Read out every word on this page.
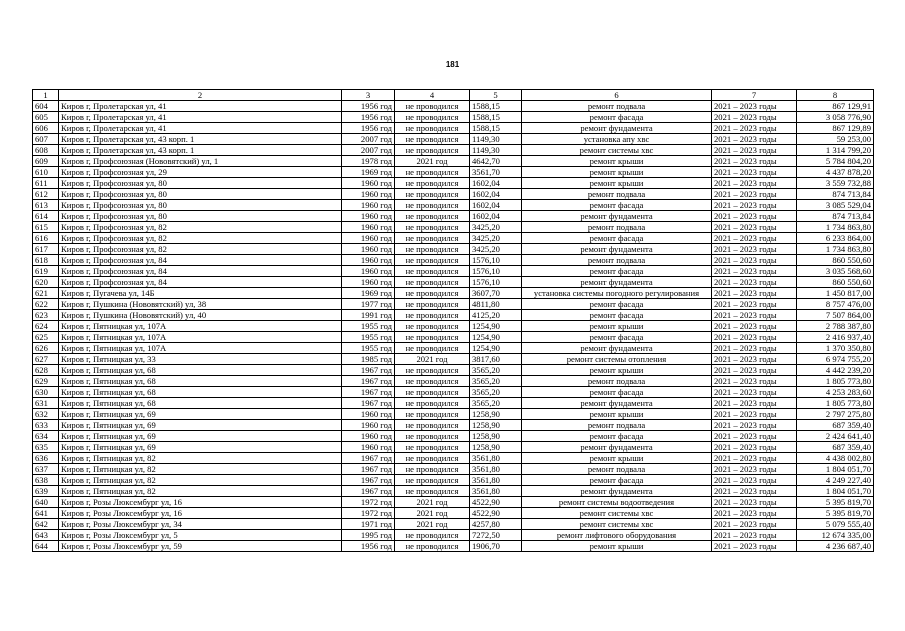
181
1	2	3	4	5	6	7	8
604	Киров г, Пролетарская ул, 41	1956 год	не проводился	1588,15	ремонт подвала	2021 – 2023 годы	867 129,91
605	Киров г, Пролетарская ул, 41	1956 год	не проводился	1588,15	ремонт фасада	2021 – 2023 годы	3 058 776,90
606	Киров г, Пролетарская ул, 41	1956 год	не проводился	1588,15	ремонт фундамента	2021 – 2023 годы	867 129,89
607	Киров г, Пролетарская ул, 43 корп. 1	2007 год	не проводился	1149,30	установка апу хвс	2021 – 2023 годы	59 253,00
608	Киров г, Пролетарская ул, 43 корп. 1	2007 год	не проводился	1149,30	ремонт системы хвс	2021 – 2023 годы	1 314 799,20
609	Киров г, Профсоюзная (Нововятский) ул, 1	1978 год	2021 год	4642,70	ремонт крыши	2021 – 2023 годы	5 784 804,20
610	Киров г, Профсоюзная ул, 29	1969 год	не проводился	3561,70	ремонт крыши	2021 – 2023 годы	4 437 878,20
611	Киров г, Профсоюзная ул, 80	1960 год	не проводился	1602,04	ремонт крыши	2021 – 2023 годы	3 559 732,88
612	Киров г, Профсоюзная ул, 80	1960 год	не проводился	1602,04	ремонт подвала	2021 – 2023 годы	874 713,84
613	Киров г, Профсоюзная ул, 80	1960 год	не проводился	1602,04	ремонт фасада	2021 – 2023 годы	3 085 529,04
614	Киров г, Профсоюзная ул, 80	1960 год	не проводился	1602,04	ремонт фундамента	2021 – 2023 годы	874 713,84
615	Киров г, Профсоюзная ул, 82	1960 год	не проводился	3425,20	ремонт подвала	2021 – 2023 годы	1 734 863,80
616	Киров г, Профсоюзная ул, 82	1960 год	не проводился	3425,20	ремонт фасада	2021 – 2023 годы	6 233 864,00
617	Киров г, Профсоюзная ул, 82	1960 год	не проводился	3425,20	ремонт фундамента	2021 – 2023 годы	1 734 863,80
618	Киров г, Профсоюзная ул, 84	1960 год	не проводился	1576,10	ремонт подвала	2021 – 2023 годы	860 550,60
619	Киров г, Профсоюзная ул, 84	1960 год	не проводился	1576,10	ремонт фасада	2021 – 2023 годы	3 035 568,60
620	Киров г, Профсоюзная ул, 84	1960 год	не проводился	1576,10	ремонт фундамента	2021 – 2023 годы	860 550,60
621	Киров г, Пугачева ул, 14Б	1969 год	не проводился	3607,70	установка системы погодного регулирования	2021 – 2023 годы	1 450 817,00
622	Киров г, Пушкина (Нововятский) ул, 38	1977 год	не проводился	4811,80	ремонт фасада	2021 – 2023 годы	8 757 476,00
623	Киров г, Пушкина (Нововятский) ул, 40	1991 год	не проводился	4125,20	ремонт фасада	2021 – 2023 годы	7 507 864,00
624	Киров г, Пятницкая ул, 107А	1955 год	не проводился	1254,90	ремонт крыши	2021 – 2023 годы	2 788 387,80
625	Киров г, Пятницкая ул, 107А	1955 год	не проводился	1254,90	ремонт фасада	2021 – 2023 годы	2 416 937,40
626	Киров г, Пятницкая ул, 107А	1955 год	не проводился	1254,90	ремонт фундамента	2021 – 2023 годы	1 370 350,80
627	Киров г, Пятницкая ул, 33	1985 год	2021 год	3817,60	ремонт системы отопления	2021 – 2023 годы	6 974 755,20
628	Киров г, Пятницкая ул, 68	1967 год	не проводился	3565,20	ремонт крыши	2021 – 2023 годы	4 442 239,20
629	Киров г, Пятницкая ул, 68	1967 год	не проводился	3565,20	ремонт подвала	2021 – 2023 годы	1 805 773,80
630	Киров г, Пятницкая ул, 68	1967 год	не проводился	3565,20	ремонт фасада	2021 – 2023 годы	4 253 283,60
631	Киров г, Пятницкая ул, 68	1967 год	не проводился	3565,20	ремонт фундамента	2021 – 2023 годы	1 805 773,80
632	Киров г, Пятницкая ул, 69	1960 год	не проводился	1258,90	ремонт крыши	2021 – 2023 годы	2 797 275,80
633	Киров г, Пятницкая ул, 69	1960 год	не проводился	1258,90	ремонт подвала	2021 – 2023 годы	687 359,40
634	Киров г, Пятницкая ул, 69	1960 год	не проводился	1258,90	ремонт фасада	2021 – 2023 годы	2 424 641,40
635	Киров г, Пятницкая ул, 69	1960 год	не проводился	1258,90	ремонт фундамента	2021 – 2023 годы	687 359,40
636	Киров г, Пятницкая ул, 82	1967 год	не проводился	3561,80	ремонт крыши	2021 – 2023 годы	4 438 002,80
637	Киров г, Пятницкая ул, 82	1967 год	не проводился	3561,80	ремонт подвала	2021 – 2023 годы	1 804 051,70
638	Киров г, Пятницкая ул, 82	1967 год	не проводился	3561,80	ремонт фасада	2021 – 2023 годы	4 249 227,40
639	Киров г, Пятницкая ул, 82	1967 год	не проводился	3561,80	ремонт фундамента	2021 – 2023 годы	1 804 051,70
640	Киров г, Розы Люксембург ул, 16	1972 год	2021 год	4522,90	ремонт системы водоотведения	2021 – 2023 годы	5 395 819,70
641	Киров г, Розы Люксембург ул, 16	1972 год	2021 год	4522,90	ремонт системы хвс	2021 – 2023 годы	5 395 819,70
642	Киров г, Розы Люксембург ул, 34	1971 год	2021 год	4257,80	ремонт системы хвс	2021 – 2023 годы	5 079 555,40
643	Киров г, Розы Люксембург ул, 5	1995 год	не проводился	7272,50	ремонт лифтового оборудования	2021 – 2023 годы	12 674 335,00
644	Киров г, Розы Люксембург ул, 59	1956 год	не проводился	1906,70	ремонт крыши	2021 – 2023 годы	4 236 687,40
